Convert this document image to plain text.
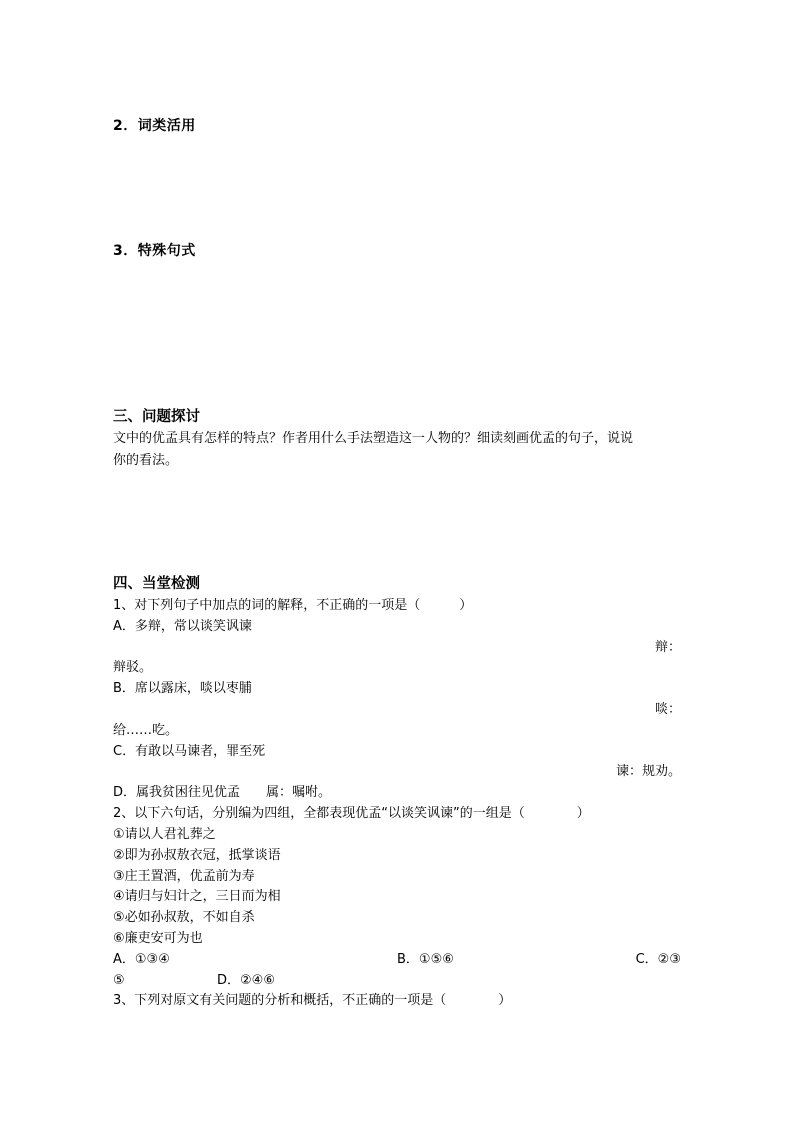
2．词类活用
3．特殊句式
三、问题探讨
文中的优孟具有怎样的特点？作者用什么手法塑造这一人物的？细读刻画优孟的句子，说说
你的看法。
四、当堂检测
1、对下列句子中加点的词的解释，不正确的一项是（　　　）
A．多辩，常以谈笑讽谏
辩：
辩驳。
B．席以露床，啖以枣脯
啖：
给……吃。
C．有敢以马谏者，罪至死
谏：规劝。
D．属我贫困往见优孟　　属：嘱咐。
2、以下六句话，分别编为四组，全都表现优孟“以谈笑讽谏”的一组是（　　　　）
①请以人君礼葬之
②即为孙叔敖衣冠，抵掌谈语
③庄王置酒，优孟前为寿
④请归与妇计之，三日而为相
⑤必如孙叔敖，不如自杀
⑥廉吏安可为也
A．①③④	B．①⑤⑥	C．②③
⑤	D．②④⑥
3、下列对原文有关问题的分析和概括，不正确的一项是（　　　　）
